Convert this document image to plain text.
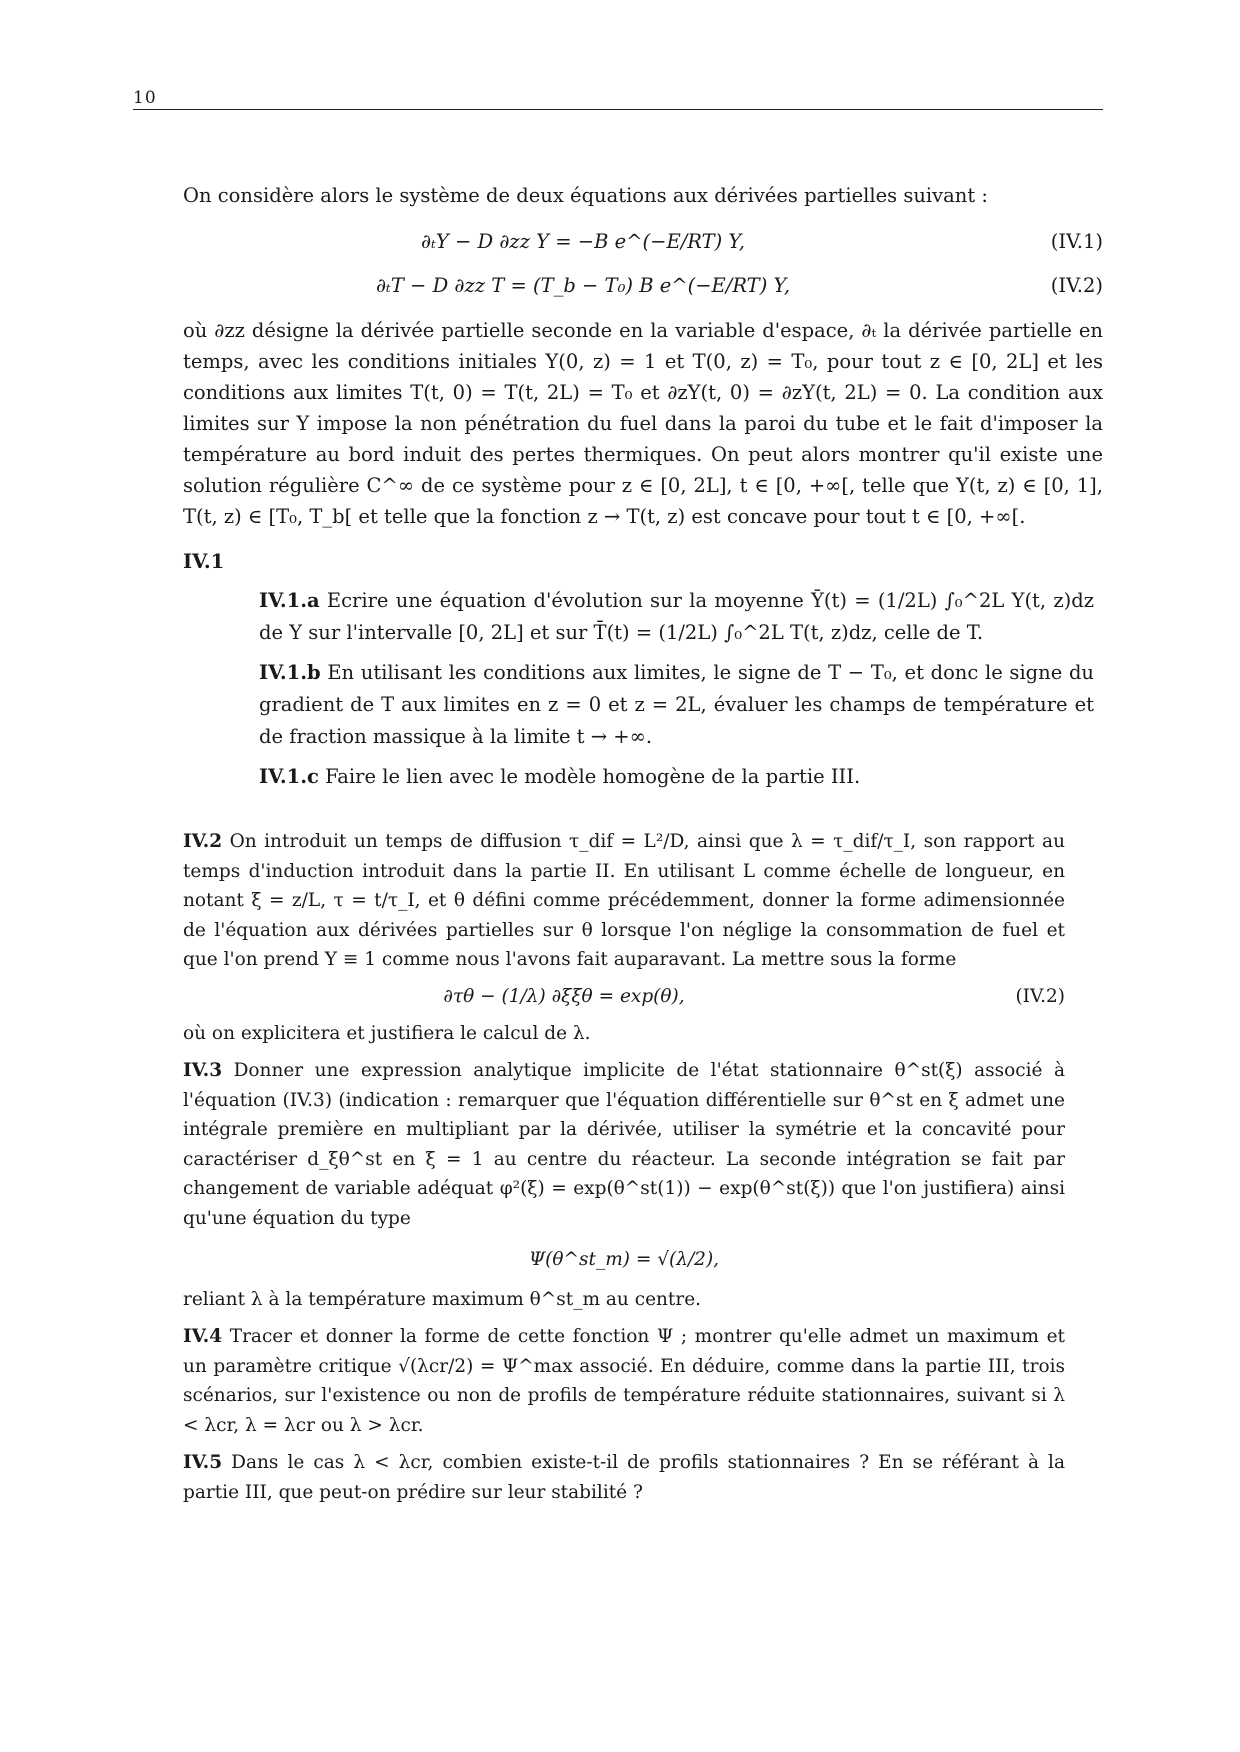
10

On considère alors le système de deux équations aux dérivées partielles suivant :

∂ₜY − D ∂zz Y = −B e^(−E/RT) Y,	(IV.1)
∂ₜT − D ∂zz T = (T_b − T₀) B e^(−E/RT) Y,	(IV.2)

où ∂zz désigne la dérivée partielle seconde en la variable d'espace, ∂ₜ la dérivée partielle en temps, avec les conditions initiales Y(0, z) = 1 et T(0, z) = T₀, pour tout z ∈ [0, 2L] et les conditions aux limites T(t, 0) = T(t, 2L) = T₀ et ∂zY(t, 0) = ∂zY(t, 2L) = 0. La condition aux limites sur Y impose la non pénétration du fuel dans la paroi du tube et le fait d'imposer la température au bord induit des pertes thermiques. On peut alors montrer qu'il existe une solution régulière C^∞ de ce système pour z ∈ [0, 2L], t ∈ [0, +∞[, telle que Y(t, z) ∈ [0, 1], T(t, z) ∈ [T₀, T_b[ et telle que la fonction z → T(t, z) est concave pour tout t ∈ [0, +∞[.

IV.1

IV.1.a Ecrire une équation d'évolution sur la moyenne Ȳ(t) = (1/2L) ∫₀^2L Y(t, z)dz de Y sur l'intervalle [0, 2L] et sur T̄(t) = (1/2L) ∫₀^2L T(t, z)dz, celle de T.

IV.1.b En utilisant les conditions aux limites, le signe de T − T₀, et donc le signe du gradient de T aux limites en z = 0 et z = 2L, évaluer les champs de température et de fraction massique à la limite t → +∞.

IV.1.c Faire le lien avec le modèle homogène de la partie III.

IV.2 On introduit un temps de diffusion τ_dif = L²/D, ainsi que λ = τ_dif/τ_I, son rapport au temps d'induction introduit dans la partie II. En utilisant L comme échelle de longueur, en notant ξ = z/L, τ = t/τ_I, et θ défini comme précédemment, donner la forme adimensionnée de l'équation aux dérivées partielles sur θ lorsque l'on néglige la consommation de fuel et que l'on prend Y ≡ 1 comme nous l'avons fait auparavant. La mettre sous la forme

∂τθ − (1/λ) ∂ξξθ = exp(θ),	(IV.2)

où on explicitera et justifiera le calcul de λ.

IV.3 Donner une expression analytique implicite de l'état stationnaire θ^st(ξ) associé à l'équation (IV.3) (indication : remarquer que l'équation différentielle sur θ^st en ξ admet une intégrale première en multipliant par la dérivée, utiliser la symétrie et la concavité pour caractériser d_ξθ^st en ξ = 1 au centre du réacteur. La seconde intégration se fait par changement de variable adéquat φ²(ξ) = exp(θ^st(1)) − exp(θ^st(ξ)) que l'on justifiera) ainsi qu'une équation du type

Ψ(θ^st_m) = √(λ/2),

reliant λ à la température maximum θ^st_m au centre.

IV.4 Tracer et donner la forme de cette fonction Ψ ; montrer qu'elle admet un maximum et un paramètre critique √(λcr/2) = Ψ^max associé. En déduire, comme dans la partie III, trois scénarios, sur l'existence ou non de profils de température réduite stationnaires, suivant si λ < λcr, λ = λcr ou λ > λcr.

IV.5 Dans le cas λ < λcr, combien existe-t-il de profils stationnaires ? En se référant à la partie III, que peut-on prédire sur leur stabilité ?
